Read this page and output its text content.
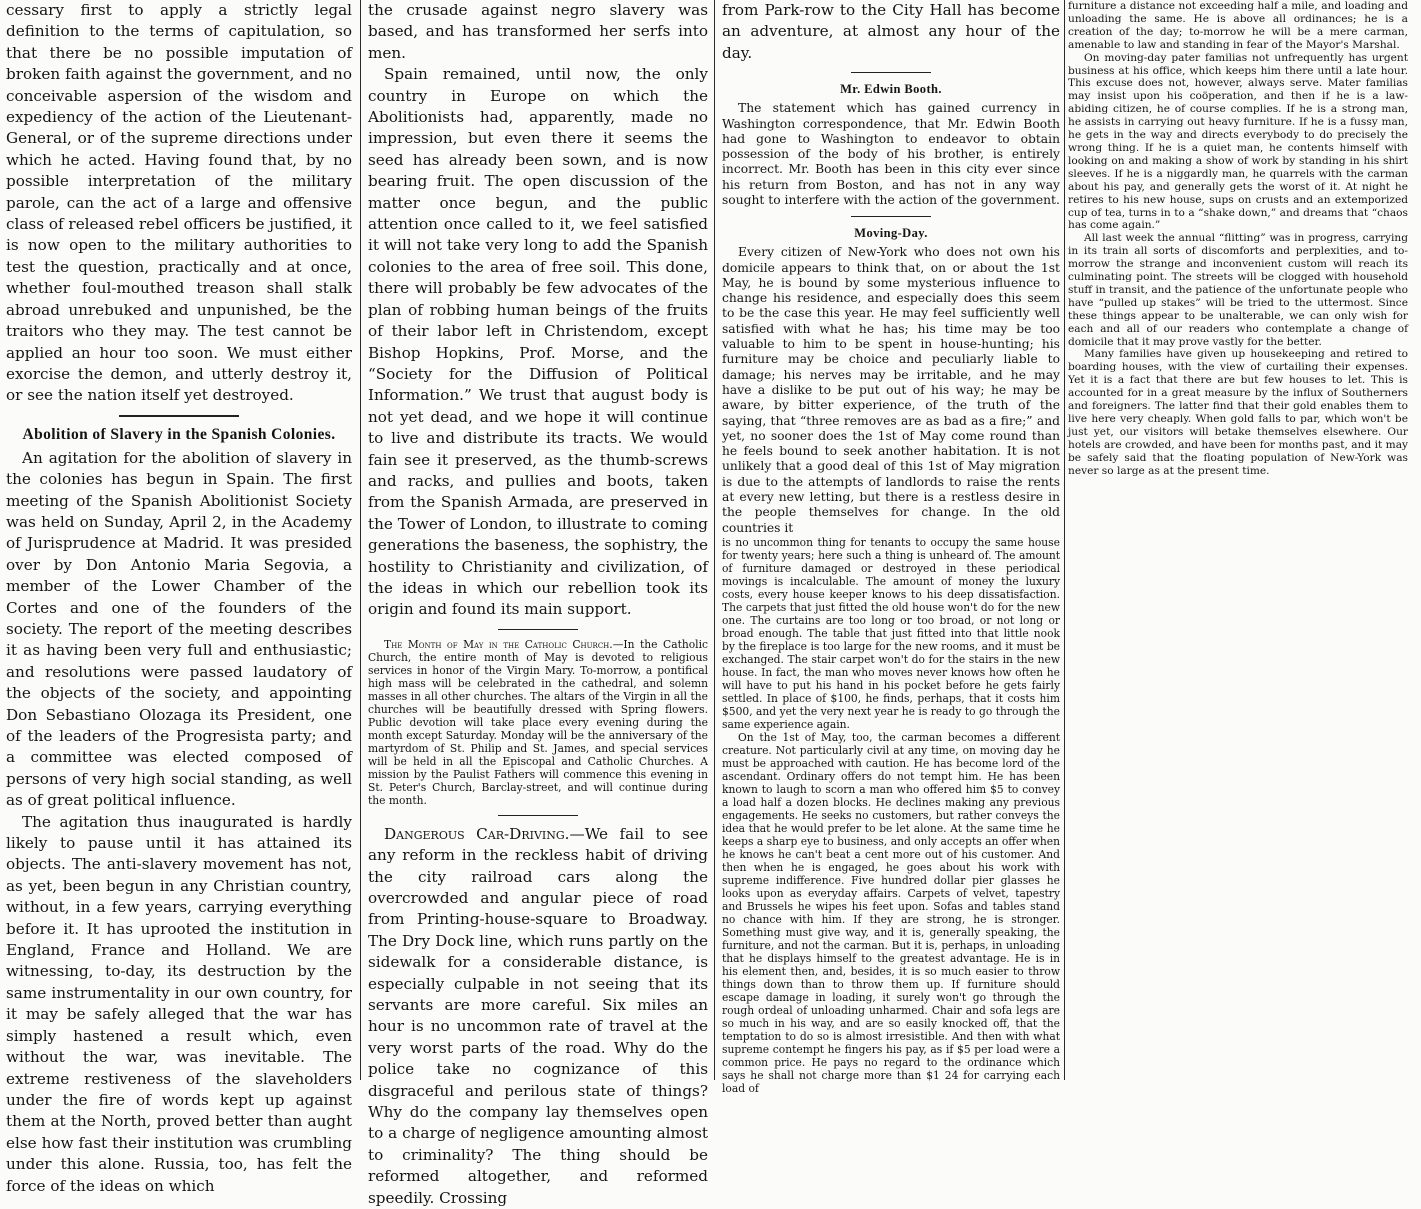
cessary first to apply a strictly legal definition to the terms of capitulation, so that there be no possible imputation of broken faith against the government, and no conceivable aspersion of the wisdom and expediency of the action of the Lieutenant-General, or of the supreme directions under which he acted. Having found that, by no possible interpretation of the military parole, can the act of a large and offensive class of released rebel officers be justified, it is now open to the military authorities to test the question, practically and at once, whether foul-mouthed treason shall stalk abroad unrebuked and unpunished, be the traitors who they may. The test cannot be applied an hour too soon. We must either exorcise the demon, and utterly destroy it, or see the nation itself yet destroyed.

Abolition of Slavery in the Spanish Colonies.

An agitation for the abolition of slavery in the colonies has begun in Spain. The first meeting of the Spanish Abolitionist Society was held on Sunday, April 2, in the Academy of Jurisprudence at Madrid. It was presided over by Don Antonio Maria Segovia, a member of the Lower Chamber of the Cortes and one of the founders of the society. The report of the meeting describes it as having been very full and enthusiastic; and resolutions were passed laudatory of the objects of the society, and appointing Don Sebastiano Olozaga its President, one of the leaders of the Progresista party; and a committee was elected composed of persons of very high social standing, as well as of great political influence.

The agitation thus inaugurated is hardly likely to pause until it has attained its objects. The anti-slavery movement has not, as yet, been begun in any Christian country, without, in a few years, carrying everything before it. It has uprooted the institution in England, France and Holland. We are witnessing, to-day, its destruction by the same instrumentality in our own country, for it may be safely alleged that the war has simply hastened a result which, even without the war, was inevitable. The extreme restiveness of the slaveholders under the fire of words kept up against them at the North, proved better than aught else how fast their institution was crumbling under this alone. Russia, too, has felt the force of the ideas on which

the crusade against negro slavery was based, and has transformed her serfs into men.

Spain remained, until now, the only country in Europe on which the Abolitionists had, apparently, made no impression, but even there it seems the seed has already been sown, and is now bearing fruit. The open discussion of the matter once begun, and the public attention once called to it, we feel satisfied it will not take very long to add the Spanish colonies to the area of free soil. This done, there will probably be few advocates of the plan of robbing human beings of the fruits of their labor left in Christendom, except Bishop Hopkins, Prof. Morse, and the “Society for the Diffusion of Political Information.” We trust that august body is not yet dead, and we hope it will continue to live and distribute its tracts. We would fain see it preserved, as the thumb-screws and racks, and pullies and boots, taken from the Spanish Armada, are preserved in the Tower of London, to illustrate to coming generations the baseness, the sophistry, the hostility to Christianity and civilization, of the ideas in which our rebellion took its origin and found its main support.

The Month of May in the Catholic Church.—In the Catholic Church, the entire month of May is devoted to religious services in honor of the Virgin Mary. To-morrow, a pontifical high mass will be celebrated in the cathedral, and solemn masses in all other churches. The altars of the Virgin in all the churches will be beautifully dressed with Spring flowers. Public devotion will take place every evening during the month except Saturday. Monday will be the anniversary of the martyrdom of St. Philip and St. James, and special services will be held in all the Episcopal and Catholic Churches. A mission by the Paulist Fathers will commence this evening in St. Peter's Church, Barclay-street, and will continue during the month.

Dangerous Car-Driving.—We fail to see any reform in the reckless habit of driving the city railroad cars along the overcrowded and angular piece of road from Printing-house-square to Broadway. The Dry Dock line, which runs partly on the sidewalk for a considerable distance, is especially culpable in not seeing that its servants are more careful. Six miles an hour is no uncommon rate of travel at the very worst parts of the road. Why do the police take no cognizance of this disgraceful and perilous state of things? Why do the company lay themselves open to a charge of negligence amounting almost to criminality? The thing should be reformed altogether, and reformed speedily. Crossing

from Park-row to the City Hall has become an adventure, at almost any hour of the day.

Mr. Edwin Booth.

The statement which has gained currency in Washington correspondence, that Mr. Edwin Booth had gone to Washington to endeavor to obtain possession of the body of his brother, is entirely incorrect. Mr. Booth has been in this city ever since his return from Boston, and has not in any way sought to interfere with the action of the government.

Moving-Day.

Every citizen of New-York who does not own his domicile appears to think that, on or about the 1st May, he is bound by some mysterious influence to change his residence, and especially does this seem to be the case this year. He may feel sufficiently well satisfied with what he has; his time may be too valuable to him to be spent in house-hunting; his furniture may be choice and peculiarly liable to damage; his nerves may be irritable, and he may have a dislike to be put out of his way; he may be aware, by bitter experience, of the truth of the saying, that “three removes are as bad as a fire;” and yet, no sooner does the 1st of May come round than he feels bound to seek another habitation. It is not unlikely that a good deal of this 1st of May migration is due to the attempts of landlords to raise the rents at every new letting, but there is a restless desire in the people themselves for change. In the old countries it

is no uncommon thing for tenants to occupy the same house for twenty years; here such a thing is unheard of. The amount of furniture damaged or destroyed in these periodical movings is incalculable. The amount of money the luxury costs, every house keeper knows to his deep dissatisfaction. The carpets that just fitted the old house won't do for the new one. The curtains are too long or too broad, or not long or broad enough. The table that just fitted into that little nook by the fireplace is too large for the new rooms, and it must be exchanged. The stair carpet won't do for the stairs in the new house. In fact, the man who moves never knows how often he will have to put his hand in his pocket before he gets fairly settled. In place of $100, he finds, perhaps, that it costs him $500, and yet the very next year he is ready to go through the same experience again.

On the 1st of May, too, the carman becomes a different creature. Not particularly civil at any time, on moving day he must be approached with caution. He has become lord of the ascendant. Ordinary offers do not tempt him. He has been known to laugh to scorn a man who offered him $5 to convey a load half a dozen blocks. He declines making any previous engagements. He seeks no customers, but rather conveys the idea that he would prefer to be let alone. At the same time he keeps a sharp eye to business, and only accepts an offer when he knows he can't beat a cent more out of his customer. And then when he is engaged, he goes about his work with supreme indifference. Five hundred dollar pier glasses he looks upon as everyday affairs. Carpets of velvet, tapestry and Brussels he wipes his feet upon. Sofas and tables stand no chance with him. If they are strong, he is stronger. Something must give way, and it is, generally speaking, the furniture, and not the carman. But it is, perhaps, in unloading that he displays himself to the greatest advantage. He is in his element then, and, besides, it is so much easier to throw things down than to throw them up. If furniture should escape damage in loading, it surely won't go through the rough ordeal of unloading unharmed. Chair and sofa legs are so much in his way, and are so easily knocked off, that the temptation to do so is almost irresistible. And then with what supreme contempt he fingers his pay, as if $5 per load were a common price. He pays no regard to the ordinance which says he shall not charge more than $1 24 for carrying each load of

furniture a distance not exceeding half a mile, and loading and unloading the same. He is above all ordinances; he is a creation of the day; to-morrow he will be a mere carman, amenable to law and standing in fear of the Mayor's Marshal.

On moving-day pater familias not unfrequently has urgent business at his office, which keeps him there until a late hour. This excuse does not, however, always serve. Mater familias may insist upon his coöperation, and then if he is a law-abiding citizen, he of course complies. If he is a strong man, he assists in carrying out heavy furniture. If he is a fussy man, he gets in the way and directs everybody to do precisely the wrong thing. If he is a quiet man, he contents himself with looking on and making a show of work by standing in his shirt sleeves. If he is a niggardly man, he quarrels with the carman about his pay, and generally gets the worst of it. At night he retires to his new house, sups on crusts and an extemporized cup of tea, turns in to a “shake down,” and dreams that “chaos has come again.”

All last week the annual “flitting” was in progress, carrying in its train all sorts of discomforts and perplexities, and to-morrow the strange and inconvenient custom will reach its culminating point. The streets will be clogged with household stuff in transit, and the patience of the unfortunate people who have “pulled up stakes” will be tried to the uttermost. Since these things appear to be unalterable, we can only wish for each and all of our readers who contemplate a change of domicile that it may prove vastly for the better.

Many families have given up housekeeping and retired to boarding houses, with the view of curtailing their expenses. Yet it is a fact that there are but few houses to let. This is accounted for in a great measure by the influx of Southerners and foreigners. The latter find that their gold enables them to live here very cheaply. When gold falls to par, which won't be just yet, our visitors will betake themselves elsewhere. Our hotels are crowded, and have been for months past, and it may be safely said that the floating population of New-York was never so large as at the present time.
